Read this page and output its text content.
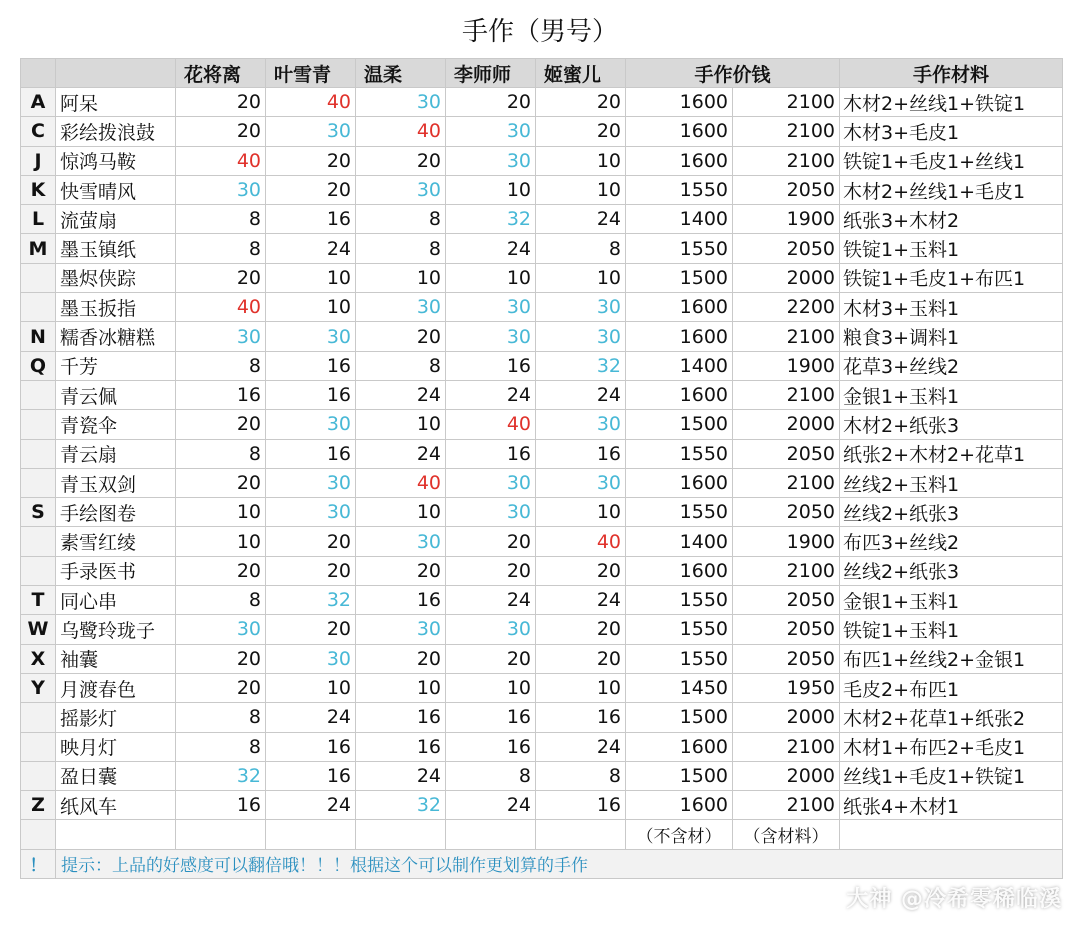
手作（男号）
		花将离	叶雪青	温柔	李师师	姬蜜儿	手作价钱		手作材料
A	阿呆	20	40	30	20	20	1600	2100	木材2+丝线1+铁锭1
C	彩绘拨浪鼓	20	30	40	30	20	1600	2100	木材3+毛皮1
J	惊鸿马鞍	40	20	20	30	10	1600	2100	铁锭1+毛皮1+丝线1
K	快雪晴风	30	20	30	10	10	1550	2050	木材2+丝线1+毛皮1
L	流萤扇	8	16	8	32	24	1400	1900	纸张3+木材2
M	墨玉镇纸	8	24	8	24	8	1550	2050	铁锭1+玉料1
	墨烬侠踪	20	10	10	10	10	1500	2000	铁锭1+毛皮1+布匹1
	墨玉扳指	40	10	30	30	30	1600	2200	木材3+玉料1
N	糯香冰糖糕	30	30	20	30	30	1600	2100	粮食3+调料1
Q	千芳	8	16	8	16	32	1400	1900	花草3+丝线2
	青云佩	16	16	24	24	24	1600	2100	金银1+玉料1
	青瓷伞	20	30	10	40	30	1500	2000	木材2+纸张3
	青云扇	8	16	24	16	16	1550	2050	纸张2+木材2+花草1
	青玉双剑	20	30	40	30	30	1600	2100	丝线2+玉料1
S	手绘图卷	10	30	10	30	10	1550	2050	丝线2+纸张3
	素雪红绫	10	20	30	20	40	1400	1900	布匹3+丝线2
	手录医书	20	20	20	20	20	1600	2100	丝线2+纸张3
T	同心串	8	32	16	24	24	1550	2050	金银1+玉料1
W	乌鹭玲珑子	30	20	30	30	20	1550	2050	铁锭1+玉料1
X	袖囊	20	30	20	20	20	1550	2050	布匹1+丝线2+金银1
Y	月渡春色	20	10	10	10	10	1450	1950	毛皮2+布匹1
	摇影灯	8	24	16	16	16	1500	2000	木材2+花草1+纸张2
	映月灯	8	16	16	16	24	1600	2100	木材1+布匹2+毛皮1
	盈日囊	32	16	24	8	8	1500	2000	丝线1+毛皮1+铁锭1
Z	纸风车	16	24	32	24	16	1600	2100	纸张4+木材1
							（不含材）	（含材料）	
！	提示：上品的好感度可以翻倍哦！！！根据这个可以制作更划算的手作								
大神 @冷希零稀临溪
